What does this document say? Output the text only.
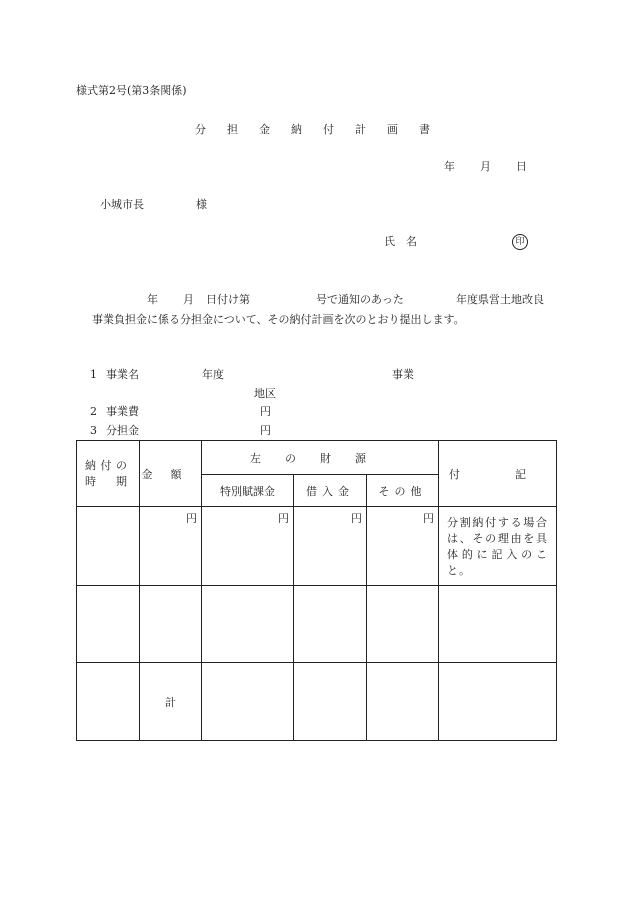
様式第2号(第3条関係)
分担金納付計画書
年 月 日
小城市長	様
氏　名	印
年 月 日付け第	号で通知のあった	年度県営土地改良
事業負担金に係る分担金について、その納付計画を次のとおり提出します。
1 事業名	年度	事業
地区
2 事業費	円
3 分担金	円
納付の時期	金額	左の財源			付　　　　　記
		特別賦課金	借入金	その他	
	円	円	円	円	分割納付する場合は、その理由を具体的に記入のこと。

	計				
